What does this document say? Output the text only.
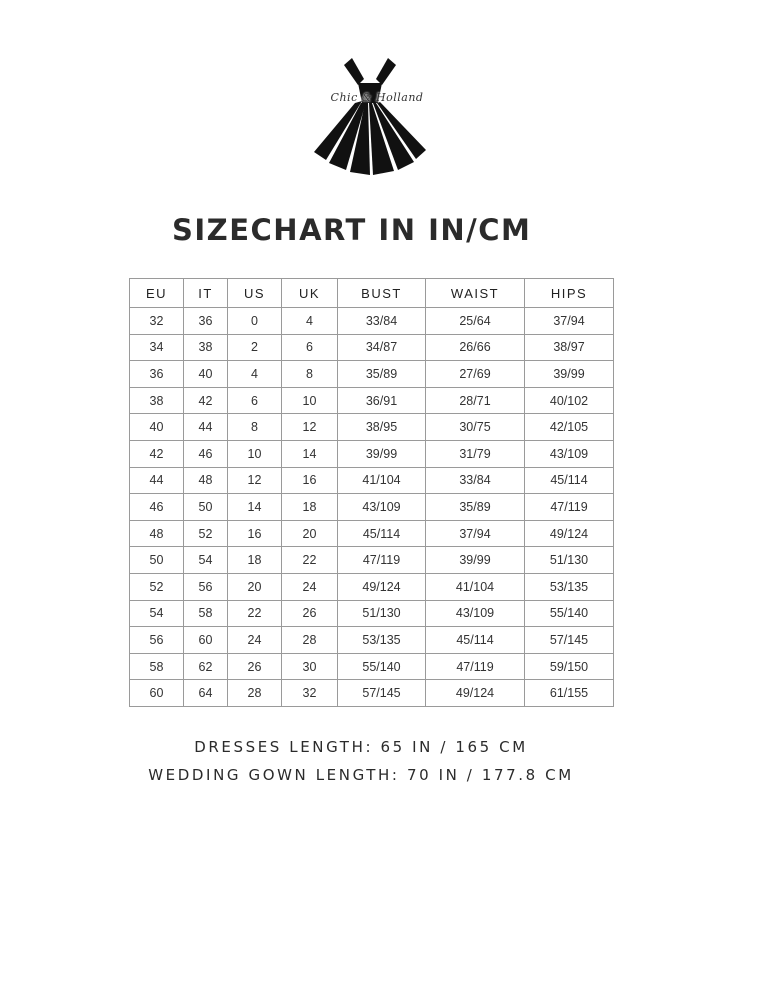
Chic & Holland
SIZECHART IN IN/CM
EU	IT	US	UK	BUST	WAIST	HIPS
32	36	0	4	33/84	25/64	37/94
34	38	2	6	34/87	26/66	38/97
36	40	4	8	35/89	27/69	39/99
38	42	6	10	36/91	28/71	40/102
40	44	8	12	38/95	30/75	42/105
42	46	10	14	39/99	31/79	43/109
44	48	12	16	41/104	33/84	45/114
46	50	14	18	43/109	35/89	47/119
48	52	16	20	45/114	37/94	49/124
50	54	18	22	47/119	39/99	51/130
52	56	20	24	49/124	41/104	53/135
54	58	22	26	51/130	43/109	55/140
56	60	24	28	53/135	45/114	57/145
58	62	26	30	55/140	47/119	59/150
60	64	28	32	57/145	49/124	61/155
DRESSES LENGTH: 65 IN / 165 CM
WEDDING GOWN LENGTH: 70 IN / 177.8 CM
